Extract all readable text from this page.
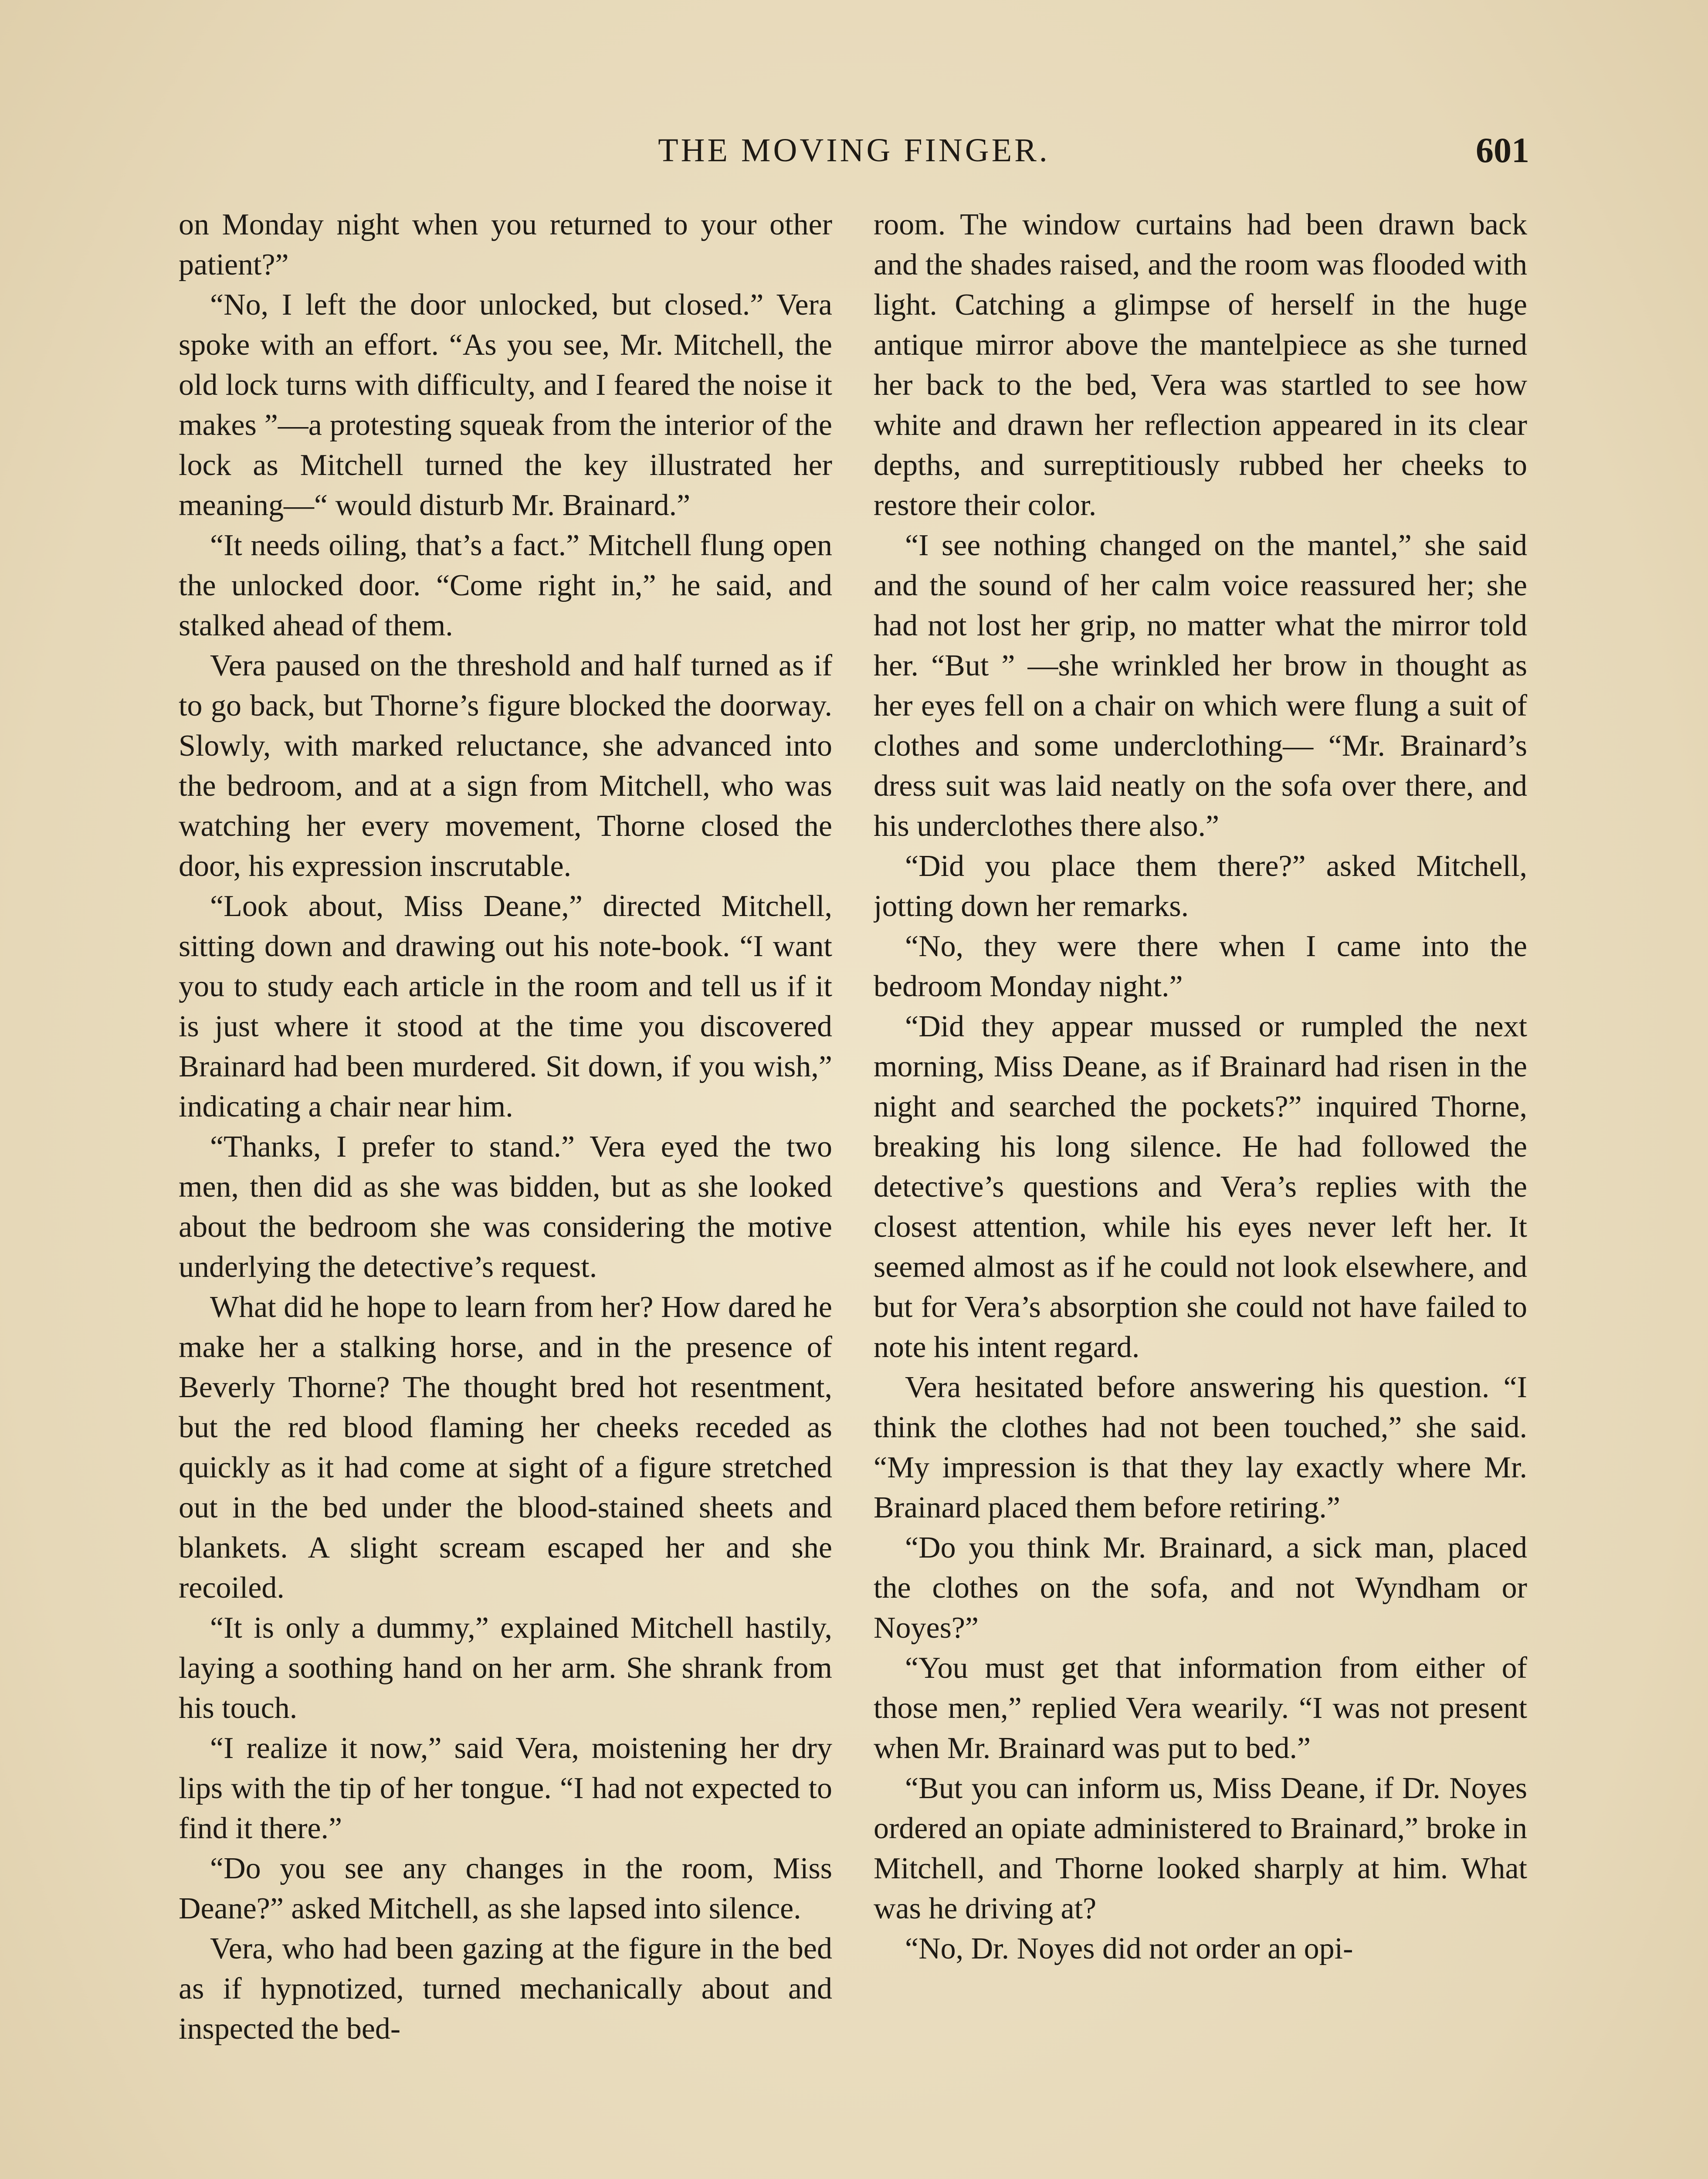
THE MOVING FINGER.	601

on Monday night when you returned to your other patient?”

“No, I left the door unlocked, but closed.” Vera spoke with an effort. “As you see, Mr. Mitchell, the old lock turns with difficulty, and I feared the noise it makes ”—a protesting squeak from the interior of the lock as Mitchell turned the key illustrated her meaning—“ would disturb Mr. Brainard.”

“It needs oiling, that’s a fact.” Mitchell flung open the unlocked door. “Come right in,” he said, and stalked ahead of them.

Vera paused on the threshold and half turned as if to go back, but Thorne’s figure blocked the doorway. Slowly, with marked reluctance, she advanced into the bedroom, and at a sign from Mitchell, who was watching her every movement, Thorne closed the door, his expression inscrutable.

“Look about, Miss Deane,” directed Mitchell, sitting down and drawing out his note-book. “I want you to study each article in the room and tell us if it is just where it stood at the time you discovered Brainard had been murdered. Sit down, if you wish,” indicating a chair near him.

“Thanks, I prefer to stand.” Vera eyed the two men, then did as she was bidden, but as she looked about the bedroom she was considering the motive underlying the detective’s request.

What did he hope to learn from her? How dared he make her a stalking horse, and in the presence of Beverly Thorne? The thought bred hot resentment, but the red blood flaming her cheeks receded as quickly as it had come at sight of a figure stretched out in the bed under the blood-stained sheets and blankets. A slight scream escaped her and she recoiled.

“It is only a dummy,” explained Mitchell hastily, laying a soothing hand on her arm. She shrank from his touch.

“I realize it now,” said Vera, moistening her dry lips with the tip of her tongue. “I had not expected to find it there.”

“Do you see any changes in the room, Miss Deane?” asked Mitchell, as she lapsed into silence.

Vera, who had been gazing at the figure in the bed as if hypnotized, turned mechanically about and inspected the bed-

room. The window curtains had been drawn back and the shades raised, and the room was flooded with light. Catching a glimpse of herself in the huge antique mirror above the mantelpiece as she turned her back to the bed, Vera was startled to see how white and drawn her reflection appeared in its clear depths, and surreptitiously rubbed her cheeks to restore their color.

“I see nothing changed on the mantel,” she said and the sound of her calm voice reassured her; she had not lost her grip, no matter what the mirror told her. “But ” —she wrinkled her brow in thought as her eyes fell on a chair on which were flung a suit of clothes and some underclothing— “Mr. Brainard’s dress suit was laid neatly on the sofa over there, and his underclothes there also.”

“Did you place them there?” asked Mitchell, jotting down her remarks.

“No, they were there when I came into the bedroom Monday night.”

“Did they appear mussed or rumpled the next morning, Miss Deane, as if Brainard had risen in the night and searched the pockets?” inquired Thorne, breaking his long silence. He had followed the detective’s questions and Vera’s replies with the closest attention, while his eyes never left her. It seemed almost as if he could not look elsewhere, and but for Vera’s absorption she could not have failed to note his intent regard.

Vera hesitated before answering his question. “I think the clothes had not been touched,” she said. “My impression is that they lay exactly where Mr. Brainard placed them before retiring.”

“Do you think Mr. Brainard, a sick man, placed the clothes on the sofa, and not Wyndham or Noyes?”

“You must get that information from either of those men,” replied Vera wearily. “I was not present when Mr. Brainard was put to bed.”

“But you can inform us, Miss Deane, if Dr. Noyes ordered an opiate administered to Brainard,” broke in Mitchell, and Thorne looked sharply at him. What was he driving at?

“No, Dr. Noyes did not order an opi-
